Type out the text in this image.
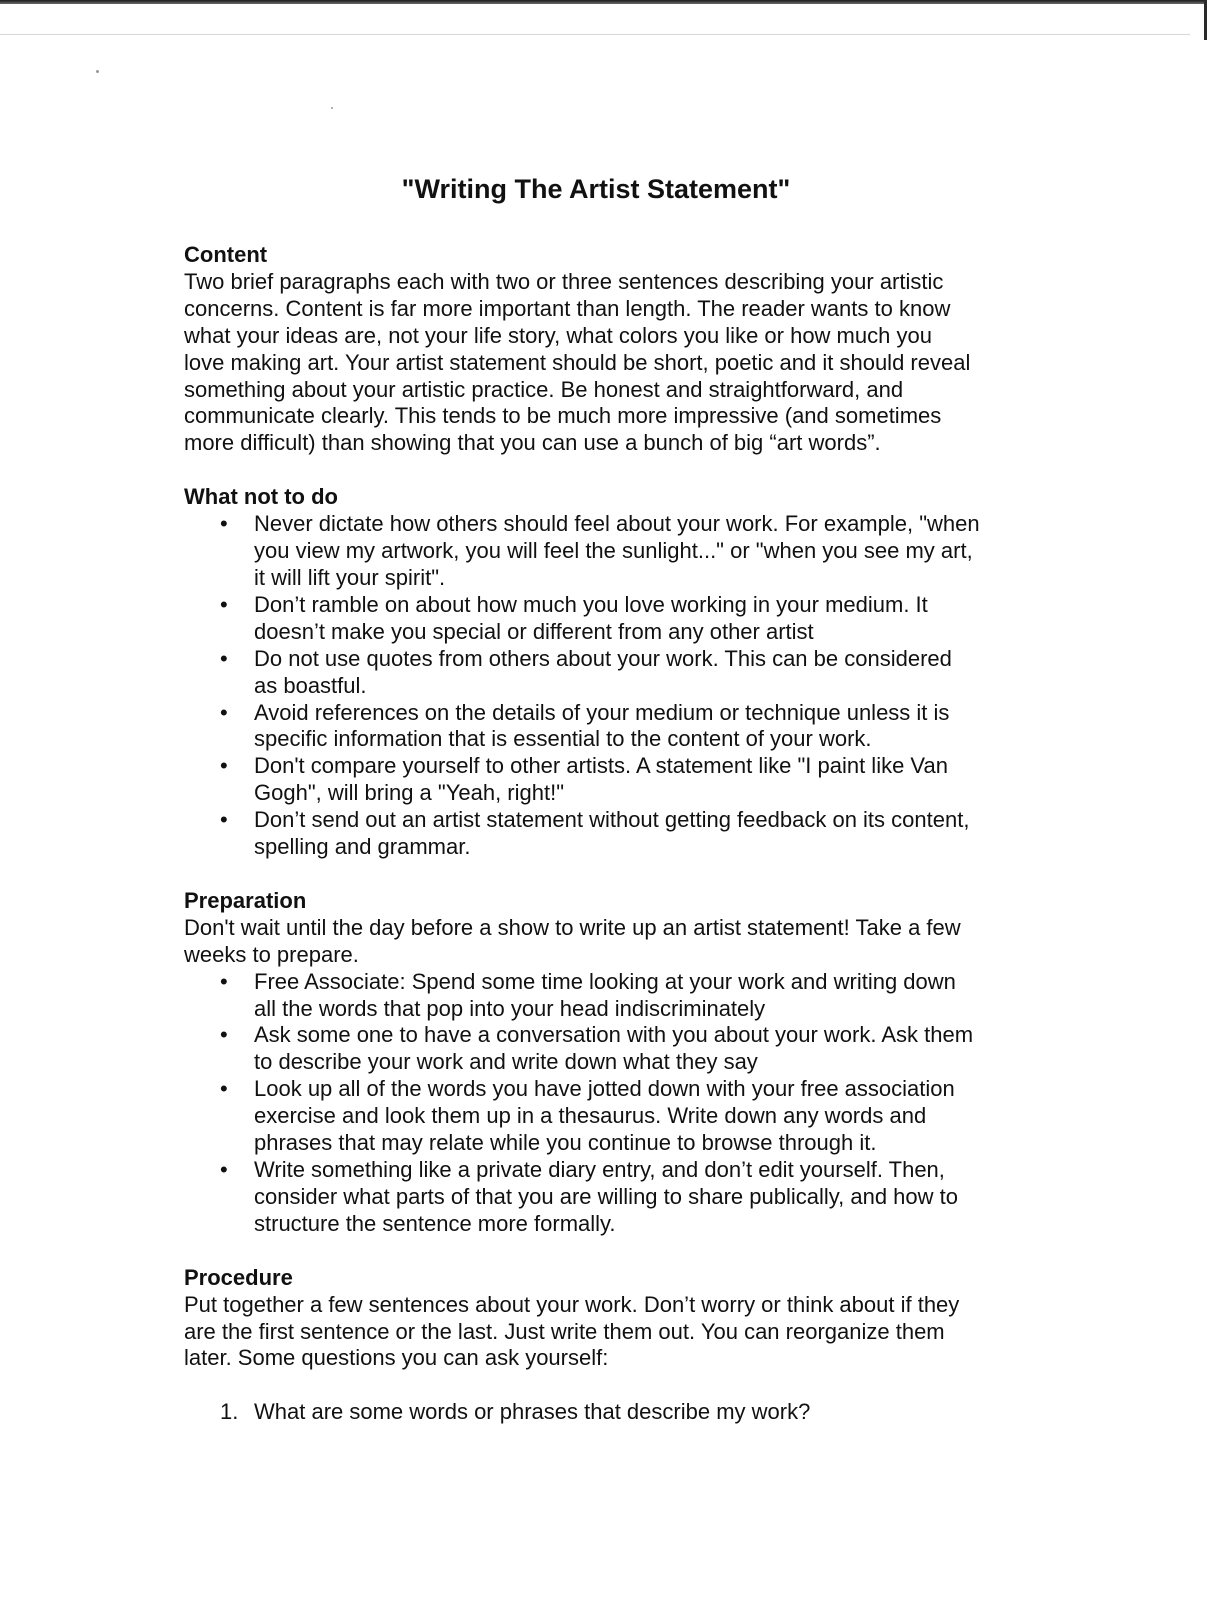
"Writing The Artist Statement"
Content

Two brief paragraphs each with two or three sentences describing your artistic
concerns. Content is far more important than length. The reader wants to know
what your ideas are, not your life story, what colors you like or how much you
love making art. Your artist statement should be short, poetic and it should reveal
something about your artistic practice. Be honest and straightforward, and
communicate clearly. This tends to be much more impressive (and sometimes
more difficult) than showing that you can use a bunch of big “art words”.

What not to do
• Never dictate how others should feel about your work. For example, "when
you view my artwork, you will feel the sunlight..." or "when you see my art,
it will lift your spirit".
• Don’t ramble on about how much you love working in your medium. It
doesn’t make you special or different from any other artist
• Do not use quotes from others about your work. This can be considered
as boastful.
• Avoid references on the details of your medium or technique unless it is
specific information that is essential to the content of your work.
• Don't compare yourself to other artists. A statement like "I paint like Van
Gogh", will bring a "Yeah, right!"
• Don’t send out an artist statement without getting feedback on its content,
spelling and grammar.
Preparation

Don't wait until the day before a show to write up an artist statement! Take a few
weeks to prepare.

• Free Associate: Spend some time looking at your work and writing down
all the words that pop into your head indiscriminately
• Ask some one to have a conversation with you about your work. Ask them
to describe your work and write down what they say
• Look up all of the words you have jotted down with your free association
exercise and look them up in a thesaurus. Write down any words and
phrases that may relate while you continue to browse through it.
• Write something like a private diary entry, and don’t edit yourself. Then,
consider what parts of that you are willing to share publically, and how to
structure the sentence more formally.
Procedure

Put together a few sentences about your work. Don’t worry or think about if they
are the first sentence or the last. Just write them out. You can reorganize them
later. Some questions you can ask yourself:

1. What are some words or phrases that describe my work?
